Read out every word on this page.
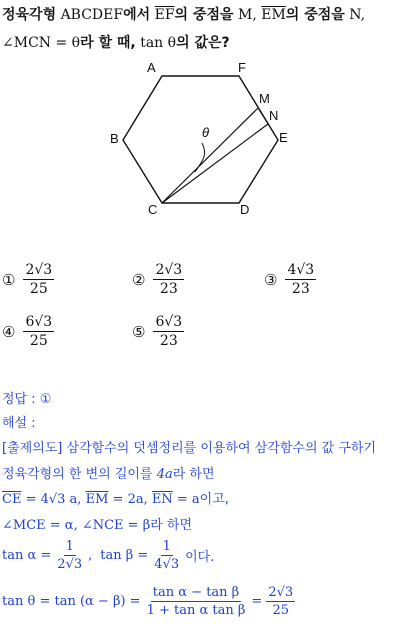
정육각형 ABCDEF에서 $\overline{EF}$의 중점을 M, $\overline{EM}$의 중점을 N,
∠MCN = θ라 할 때, tan θ의 값은?
θ
A	F
M
N
E
B
C	D
① $\frac{2√3}{25}$	② $\frac{2√3}{23}$	③ $\frac{4√3}{23}$
④ $\frac{6√3}{25}$	⑤ $\frac{6√3}{23}$
정답 : ①
해설 :
[출제의도] 삼각함수의 덧셈정리를 이용하여 삼각함수의 값 구하기
정육각형의 한 변의 길이를 4a라 하면
$\overline{CE} = 4√3$ a, $\overline{EM} = 2a$, $\overline{EN} = a$이고,
∠MCE = α, ∠NCE = β라 하면
$\tan \alpha = \frac{1}{2√3}$ , $\tan \beta = \frac{1}{4√3}$ 이다.
$\tan \theta = \tan (\alpha - \beta) = \frac{\text{tan α − tan β}}{\text{1 + tan α tan β}} = \frac{2√3}{25}$
